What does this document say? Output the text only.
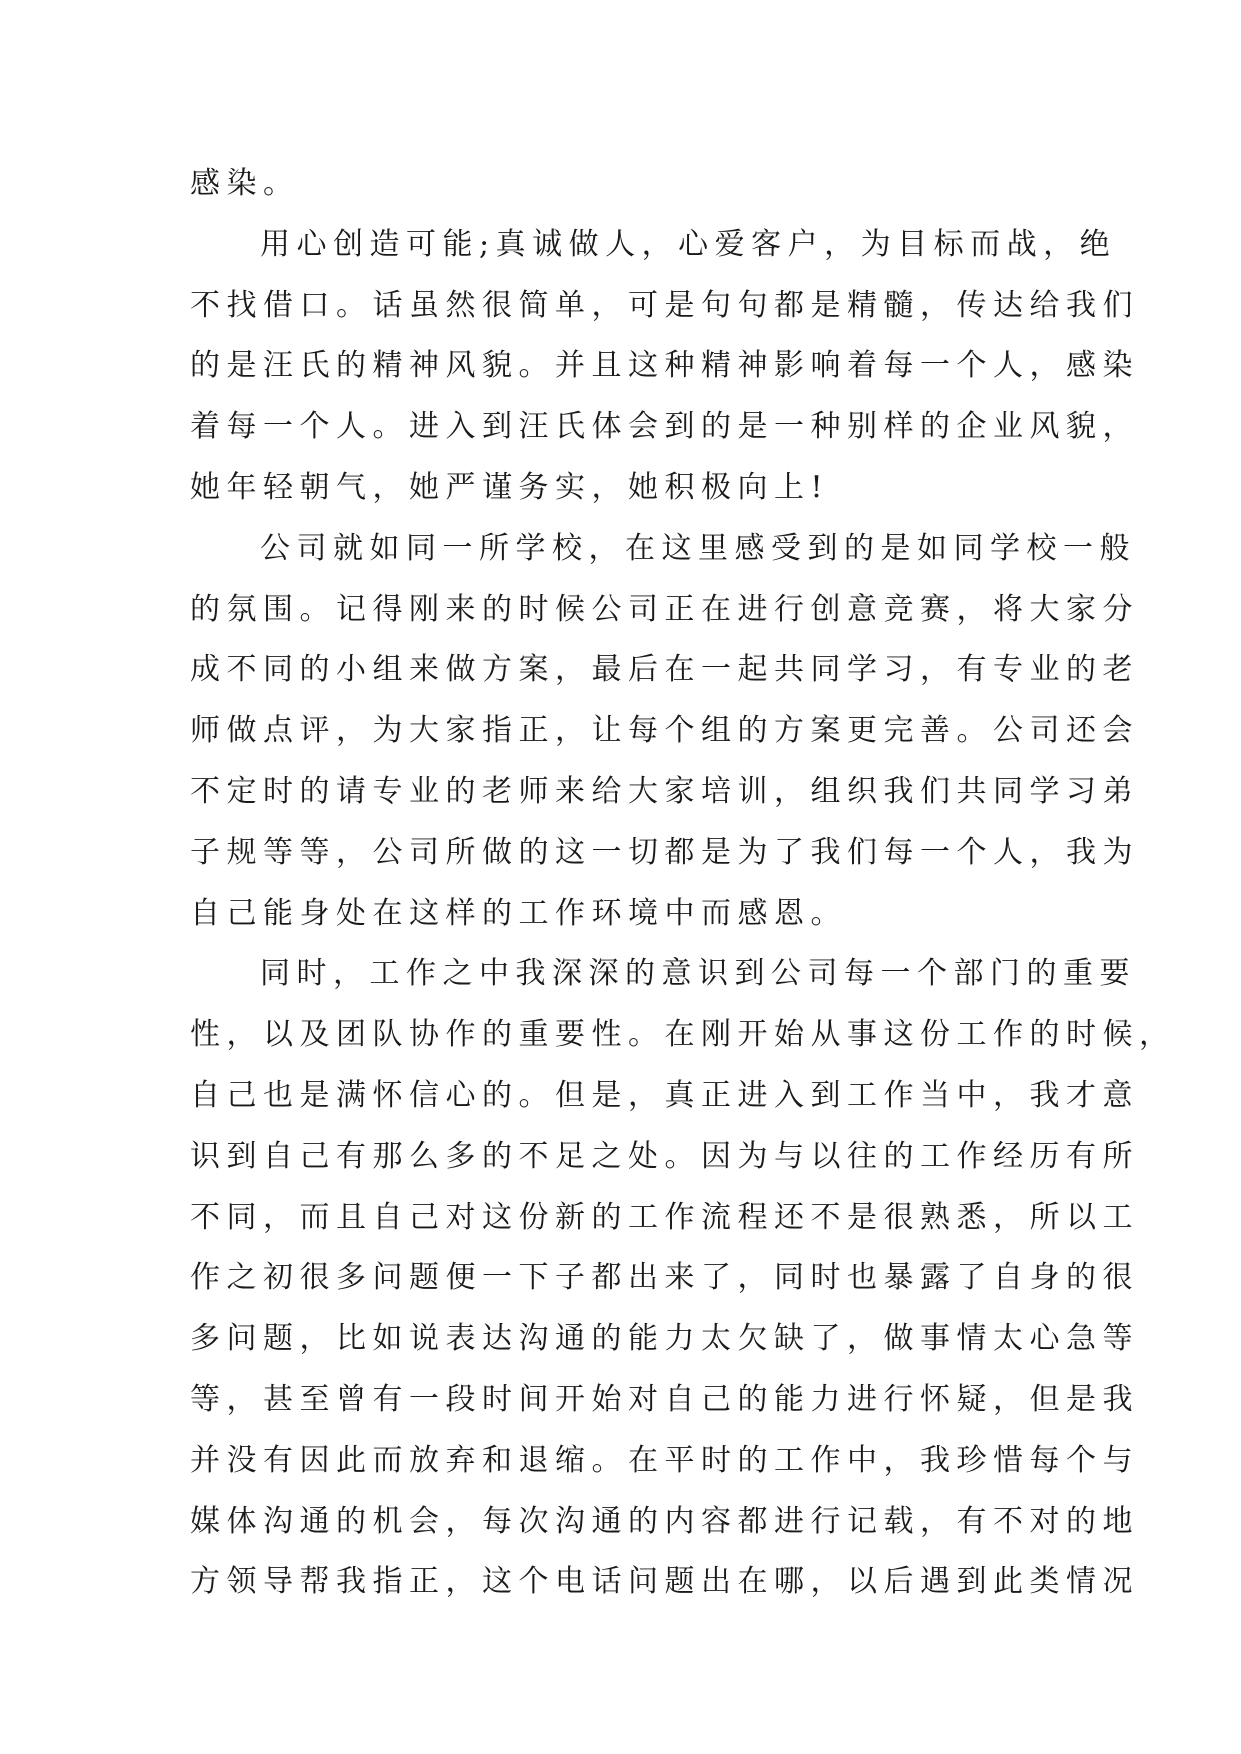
感染。
用心创造可能;真诚做人，心爱客户，为目标而战，绝
不找借口。话虽然很简单，可是句句都是精髓，传达给我们
的是汪氏的精神风貌。并且这种精神影响着每一个人，感染
着每一个人。进入到汪氏体会到的是一种别样的企业风貌，
她年轻朝气，她严谨务实，她积极向上!
公司就如同一所学校，在这里感受到的是如同学校一般
的氛围。记得刚来的时候公司正在进行创意竞赛，将大家分
成不同的小组来做方案，最后在一起共同学习，有专业的老
师做点评，为大家指正，让每个组的方案更完善。公司还会
不定时的请专业的老师来给大家培训，组织我们共同学习弟
子规等等，公司所做的这一切都是为了我们每一个人，我为
自己能身处在这样的工作环境中而感恩。
同时，工作之中我深深的意识到公司每一个部门的重要
性，以及团队协作的重要性。在刚开始从事这份工作的时候，
自己也是满怀信心的。但是，真正进入到工作当中，我才意
识到自己有那么多的不足之处。因为与以往的工作经历有所
不同，而且自己对这份新的工作流程还不是很熟悉，所以工
作之初很多问题便一下子都出来了，同时也暴露了自身的很
多问题，比如说表达沟通的能力太欠缺了，做事情太心急等
等，甚至曾有一段时间开始对自己的能力进行怀疑，但是我
并没有因此而放弃和退缩。在平时的工作中，我珍惜每个与
媒体沟通的机会，每次沟通的内容都进行记载，有不对的地
方领导帮我指正，这个电话问题出在哪，以后遇到此类情况
